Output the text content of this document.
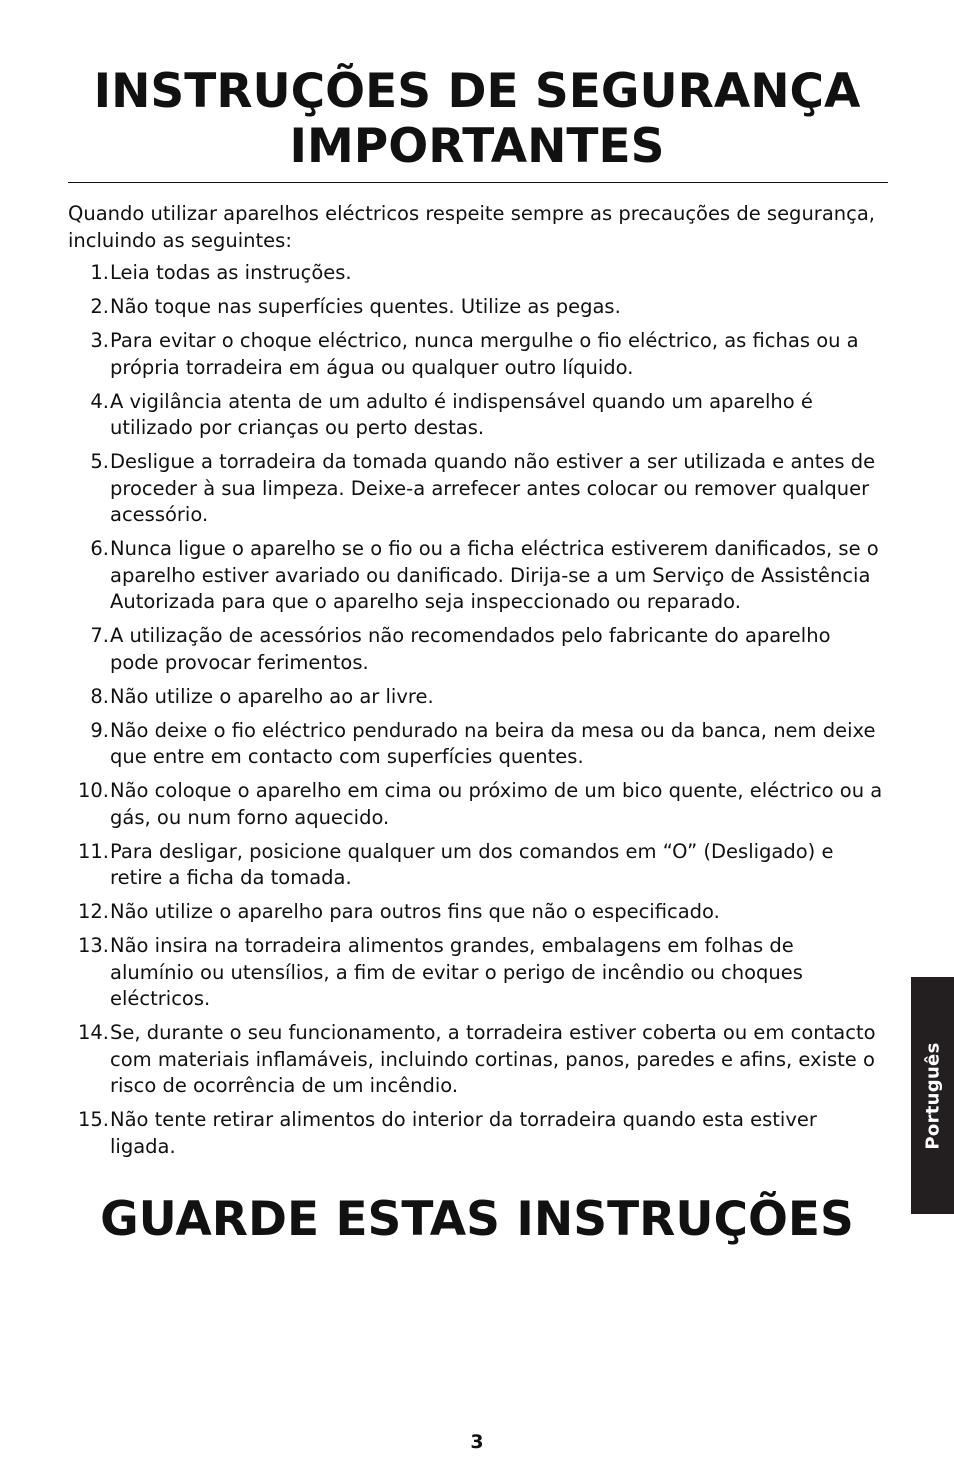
INSTRUÇÕES DE SEGURANÇA
IMPORTANTES

Quando utilizar aparelhos eléctricos respeite sempre as precauções de segurança, incluindo as seguintes:

1. Leia todas as instruções.
2. Não toque nas superfícies quentes. Utilize as pegas.
3. Para evitar o choque eléctrico, nunca mergulhe o fio eléctrico, as fichas ou a própria torradeira em água ou qualquer outro líquido.
4. A vigilância atenta de um adulto é indispensável quando um aparelho é utilizado por crianças ou perto destas.
5. Desligue a torradeira da tomada quando não estiver a ser utilizada e antes de proceder à sua limpeza. Deixe-a arrefecer antes colocar ou remover qualquer acessório.
6. Nunca ligue o aparelho se o fio ou a ficha eléctrica estiverem danificados, se o aparelho estiver avariado ou danificado. Dirija-se a um Serviço de Assistência Autorizada para que o aparelho seja inspeccionado ou reparado.
7. A utilização de acessórios não recomendados pelo fabricante do aparelho pode provocar ferimentos.
8. Não utilize o aparelho ao ar livre.
9. Não deixe o fio eléctrico pendurado na beira da mesa ou da banca, nem deixe que entre em contacto com superfícies quentes.
10. Não coloque o aparelho em cima ou próximo de um bico quente, eléctrico ou a gás, ou num forno aquecido.
11. Para desligar, posicione qualquer um dos comandos em “O” (Desligado) e retire a ficha da tomada.
12. Não utilize o aparelho para outros fins que não o especificado.
13. Não insira na torradeira alimentos grandes, embalagens em folhas de alumínio ou utensílios, a fim de evitar o perigo de incêndio ou choques eléctricos.
14. Se, durante o seu funcionamento, a torradeira estiver coberta ou em contacto com materiais inflamáveis, incluindo cortinas, panos, paredes e afins, existe o risco de ocorrência de um incêndio.
15. Não tente retirar alimentos do interior da torradeira quando esta estiver ligada.
GUARDE ESTAS INSTRUÇÕES
Português
3
